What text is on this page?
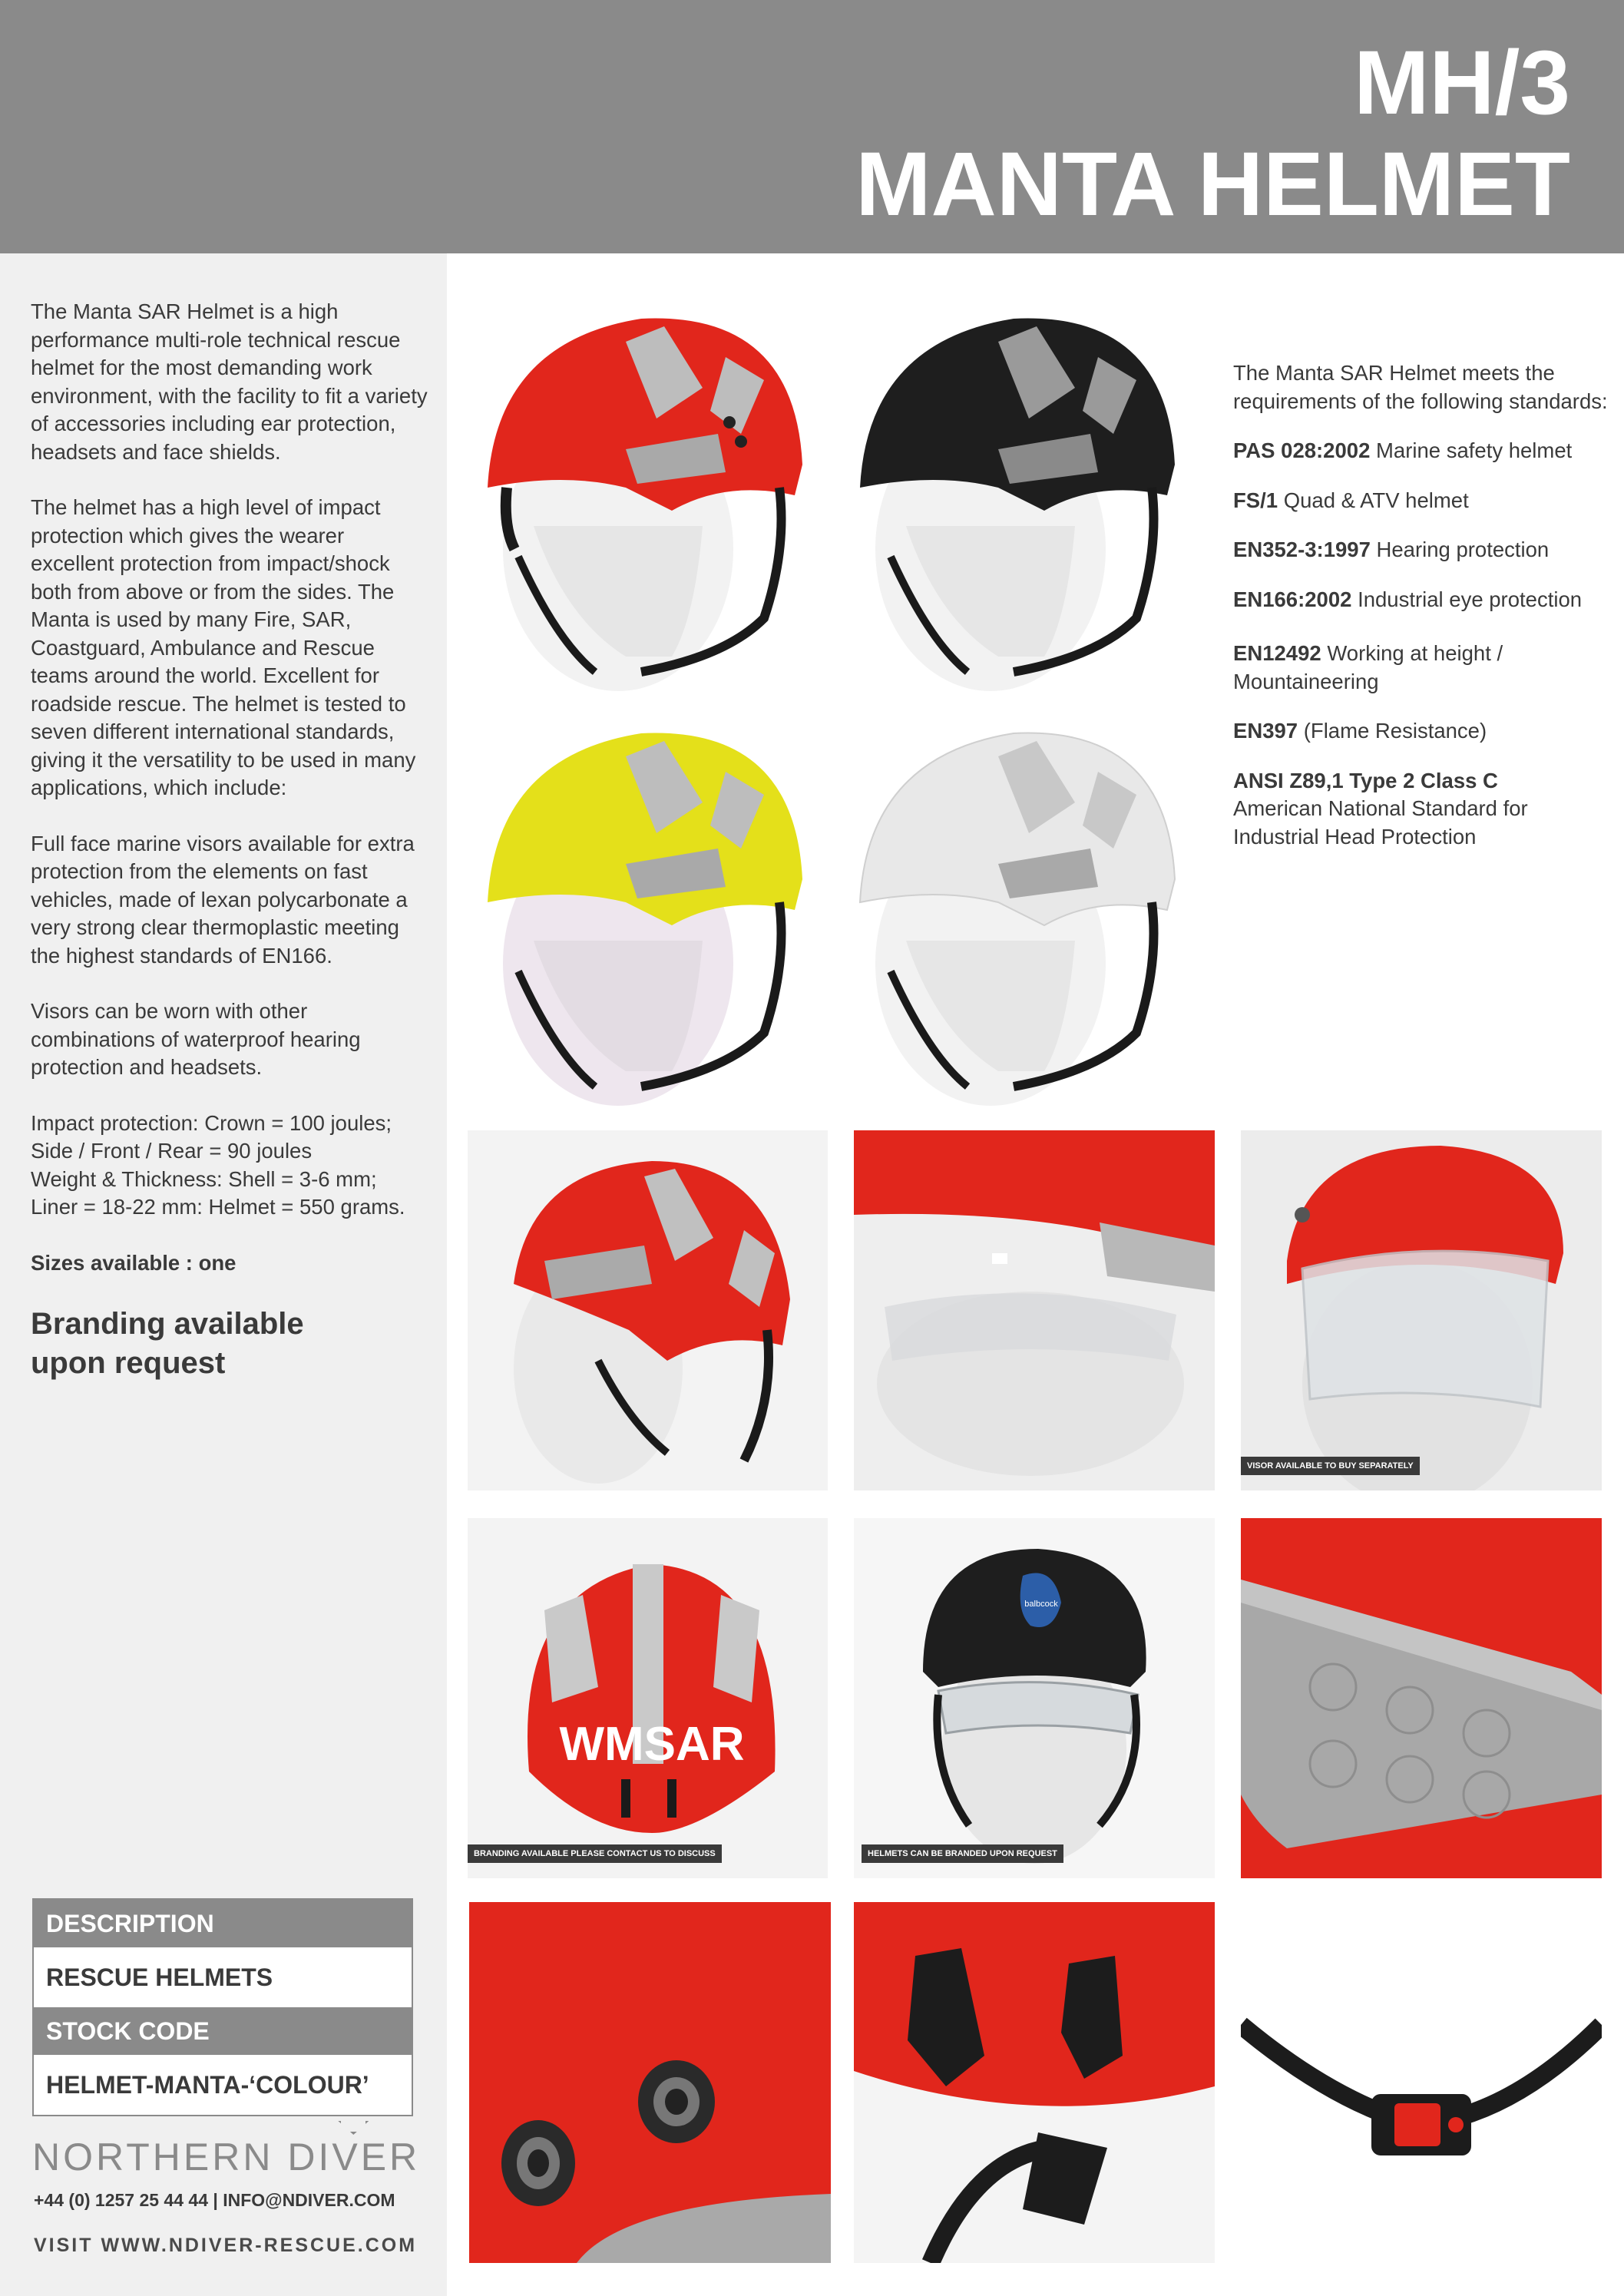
MH/3
MANTA HELMET

The Manta SAR Helmet is a high performance multi-role technical rescue helmet for the most demanding work environment, with the facility to fit a variety of accessories including ear protection, headsets and face shields.

The helmet has a high level of impact protection which gives the wearer excellent protection from impact/shock both from above or from the sides. The Manta is used by many Fire, SAR, Coastguard, Ambulance and Rescue teams around the world. Excellent for roadside rescue. The helmet is tested to seven different international standards, giving it the versatility to be used in many applications, which include:

Full face marine visors available for extra protection from the elements on fast vehicles, made of lexan polycarbonate a very strong clear thermoplastic meeting the highest standards of EN166.

Visors can be worn with other combinations of waterproof hearing protection and headsets.

Impact protection: Crown = 100 joules;
Side / Front / Rear = 90 joules
Weight & Thickness: Shell = 3-6 mm;
Liner = 18-22 mm: Helmet = 550 grams.

Sizes available : one

Branding available
upon request
DESCRIPTION
RESCUE HELMETS
STOCK CODE
HELMET-MANTA-‘COLOUR’
NORTHERN DIVER
+44 (0) 1257 25 44 44 | INFO@NDIVER.COM
VISIT WWW.NDIVER-RESCUE.COM

The Manta SAR Helmet meets the requirements of the following standards:

PAS 028:2002 Marine safety helmet

FS/1 Quad & ATV helmet

EN352-3:1997 Hearing protection

EN166:2002 Industrial eye protection

EN12492 Working at height / Mountaineering

EN397 (Flame Resistance)

ANSI Z89,1 Type 2 Class C
American National Standard for Industrial Head Protection

VISOR AVAILABLE TO BUY SEPARATELY
WMSAR
BRANDING AVAILABLE PLEASE CONTACT US TO DISCUSS
balbcock
HELMETS CAN BE BRANDED UPON REQUEST
